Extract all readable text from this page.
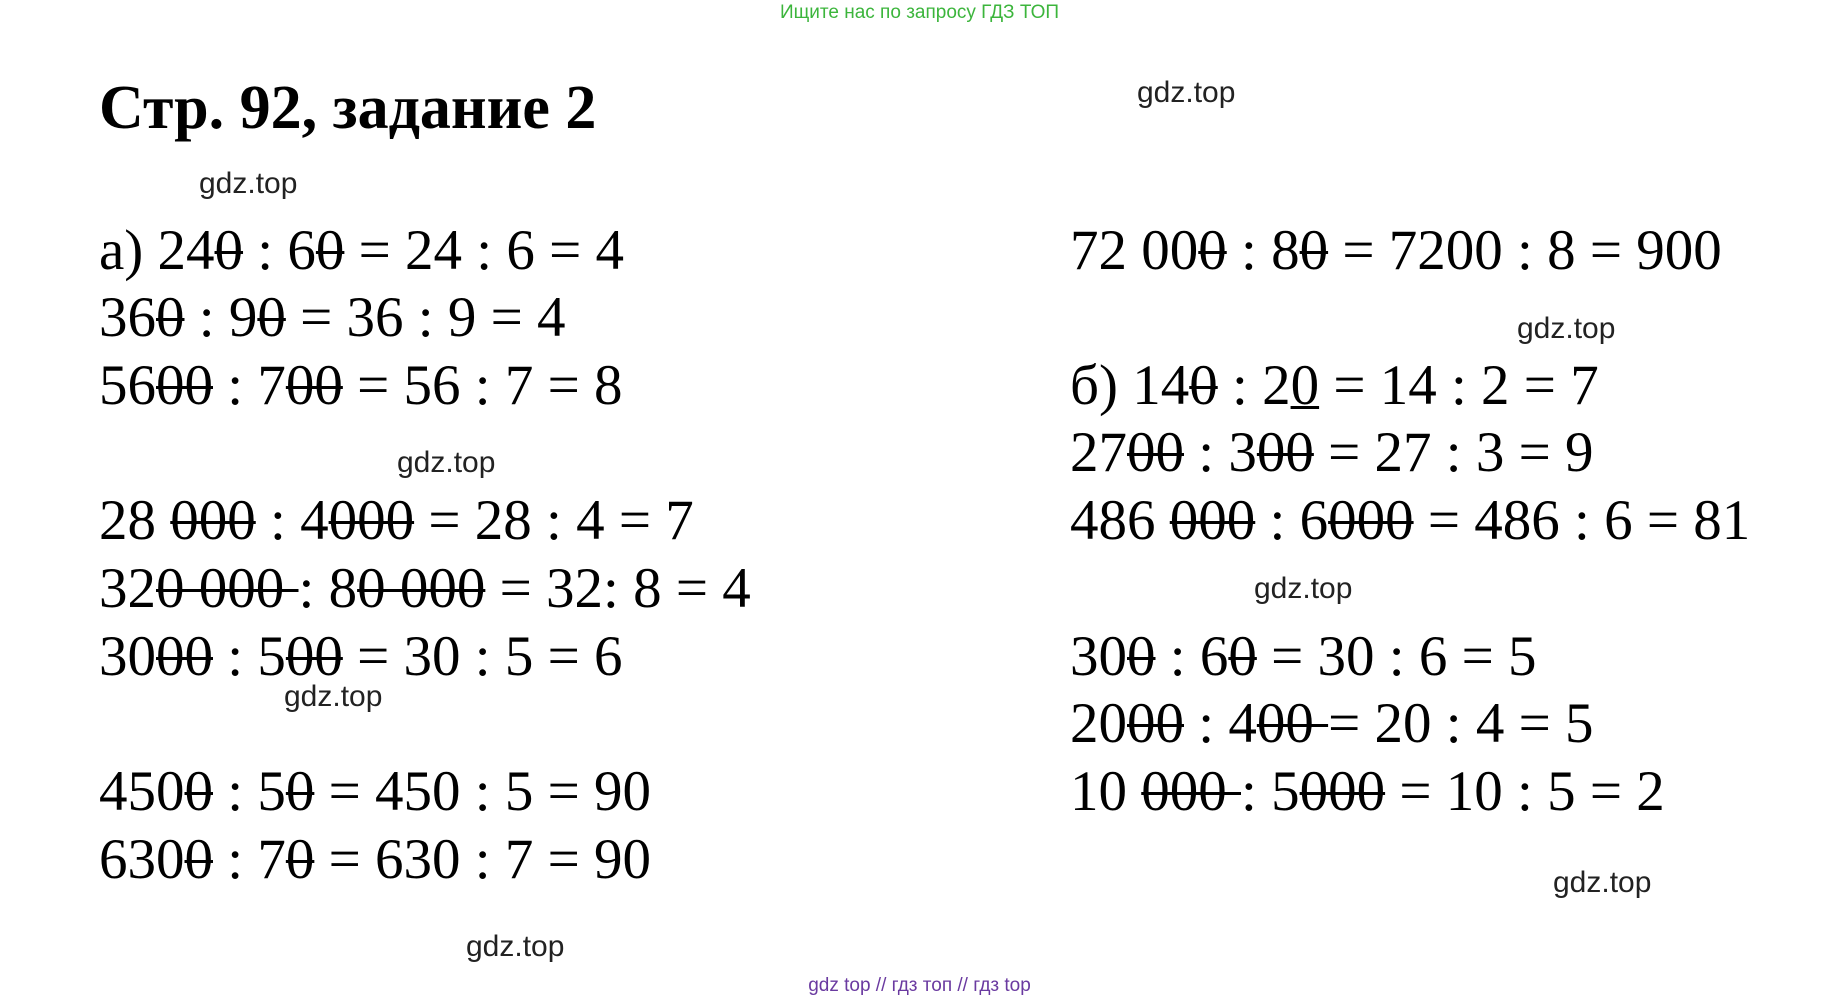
Ищите нас по запросу ГДЗ ТОП
Стр. 92, задание 2	gdz.top
gdz.top
gdz.top
gdz.top
gdz.top
gdz.top
gdz.top
gdz.top
а) 240 : 60 = 24 : 6 = 4
360 : 90 = 36 : 9 = 4
5600 : 700 = 56 : 7 = 8
28 000 : 4000 = 28 : 4 = 7
320 000 : 80 000 = 32: 8 = 4
3000 : 500 = 30 : 5 = 6
4500 : 50 = 450 : 5 = 90
6300 : 70 = 630 : 7 = 90
72 000 : 80 = 7200 : 8 = 900
б) 140 : 20 = 14 : 2 = 7
2700 : 300 = 27 : 3 = 9
486 000 : 6000 = 486 : 6 = 81
300 : 60 = 30 : 6 = 5
2000 : 400 = 20 : 4 = 5
10 000 : 5000 = 10 : 5 = 2
gdz top // гдз топ // гдз top
